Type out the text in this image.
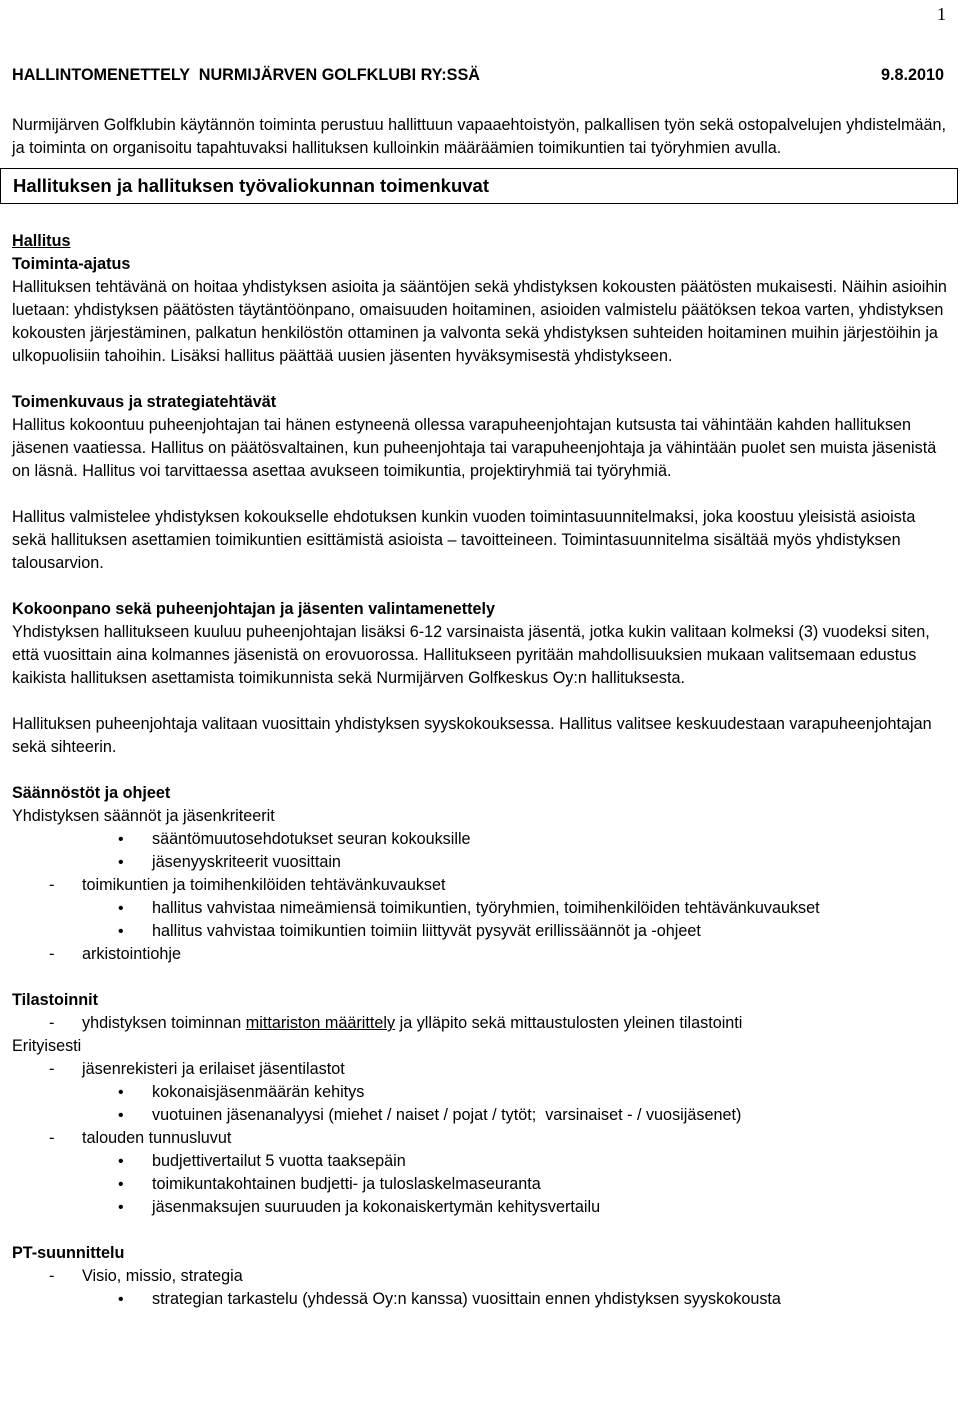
1
HALLINTOMENETTELY  NURMIJÄRVEN GOLFKLUBI RY:SSÄ	9.8.2010

Nurmijärven Golfklubin käytännön toiminta perustuu hallittuun vapaaehtoistyön, palkallisen työn sekä ostopalvelujen yhdistelmään, ja toiminta on organisoitu tapahtuvaksi hallituksen kulloinkin määräämien toimikuntien tai työryhmien avulla.

Hallituksen ja hallituksen työvaliokunnan toimenkuvat

Hallitus

Toiminta-ajatus

Hallituksen tehtävänä on hoitaa yhdistyksen asioita ja sääntöjen sekä yhdistyksen kokousten päätösten mukaisesti. Näihin asioihin luetaan: yhdistyksen päätösten täytäntöönpano, omaisuuden hoitaminen, asioiden valmistelu päätöksen tekoa varten, yhdistyksen kokousten järjestäminen, palkatun henkilöstön ottaminen ja valvonta sekä yhdistyksen suhteiden hoitaminen muihin järjestöihin ja ulkopuolisiin tahoihin. Lisäksi hallitus päättää uusien jäsenten hyväksymisestä yhdistykseen.

Toimenkuvaus ja strategiatehtävät

Hallitus kokoontuu puheenjohtajan tai hänen estyneenä ollessa varapuheenjohtajan kutsusta tai vähintään kahden hallituksen jäsenen vaatiessa. Hallitus on päätösvaltainen, kun puheenjohtaja tai varapuheenjohtaja ja vähintään puolet sen muista jäsenistä on läsnä. Hallitus voi tarvittaessa asettaa avukseen toimikuntia, projektiryhmiä tai työryhmiä.

Hallitus valmistelee yhdistyksen kokoukselle ehdotuksen kunkin vuoden toimintasuunnitelmaksi, joka koostuu yleisistä asioista sekä hallituksen asettamien toimikuntien esittämistä asioista – tavoitteineen. Toimintasuunnitelma sisältää myös yhdistyksen talousarvion.

Kokoonpano sekä puheenjohtajan ja jäsenten valintamenettely

Yhdistyksen hallitukseen kuuluu puheenjohtajan lisäksi 6-12 varsinaista jäsentä, jotka kukin valitaan kolmeksi (3) vuodeksi siten, että vuosittain aina kolmannes jäsenistä on erovuorossa. Hallitukseen pyritään mahdollisuuksien mukaan valitsemaan edustus kaikista hallituksen asettamista toimikunnista sekä Nurmijärven Golfkeskus Oy:n hallituksesta.

Hallituksen puheenjohtaja valitaan vuosittain yhdistyksen syyskokouksessa. Hallitus valitsee keskuudestaan varapuheenjohtajan sekä sihteerin.

Säännöstöt ja ohjeet

Yhdistyksen säännöt ja jäsenkriteerit

• sääntömuutosehdotukset seuran kokouksille
• jäsenyyskriteerit vuosittain
- toimikuntien ja toimihenkilöiden tehtävänkuvaukset
• hallitus vahvistaa nimeämiensä toimikuntien, työryhmien, toimihenkilöiden tehtävänkuvaukset
• hallitus vahvistaa toimikuntien toimiin liittyvät pysyvät erillissäännöt ja -ohjeet
- arkistointiohje

Tilastoinnit

- yhdistyksen toiminnan mittariston määrittely ja ylläpito sekä mittaustulosten yleinen tilastointi

Erityisesti

- jäsenrekisteri ja erilaiset jäsentilastot
• kokonaisjäsenmäärän kehitys
• vuotuinen jäsenanalyysi (miehet / naiset / pojat / tytöt;  varsinaiset - / vuosijäsenet)
- talouden tunnusluvut
• budjettivertailut 5 vuotta taaksepäin
• toimikuntakohtainen budjetti- ja tuloslaskelmaseuranta
• jäsenmaksujen suuruuden ja kokonaiskertymän kehitysvertailu

PT-suunnittelu

- Visio, missio, strategia
• strategian tarkastelu (yhdessä Oy:n kanssa) vuosittain ennen yhdistyksen syyskokousta
